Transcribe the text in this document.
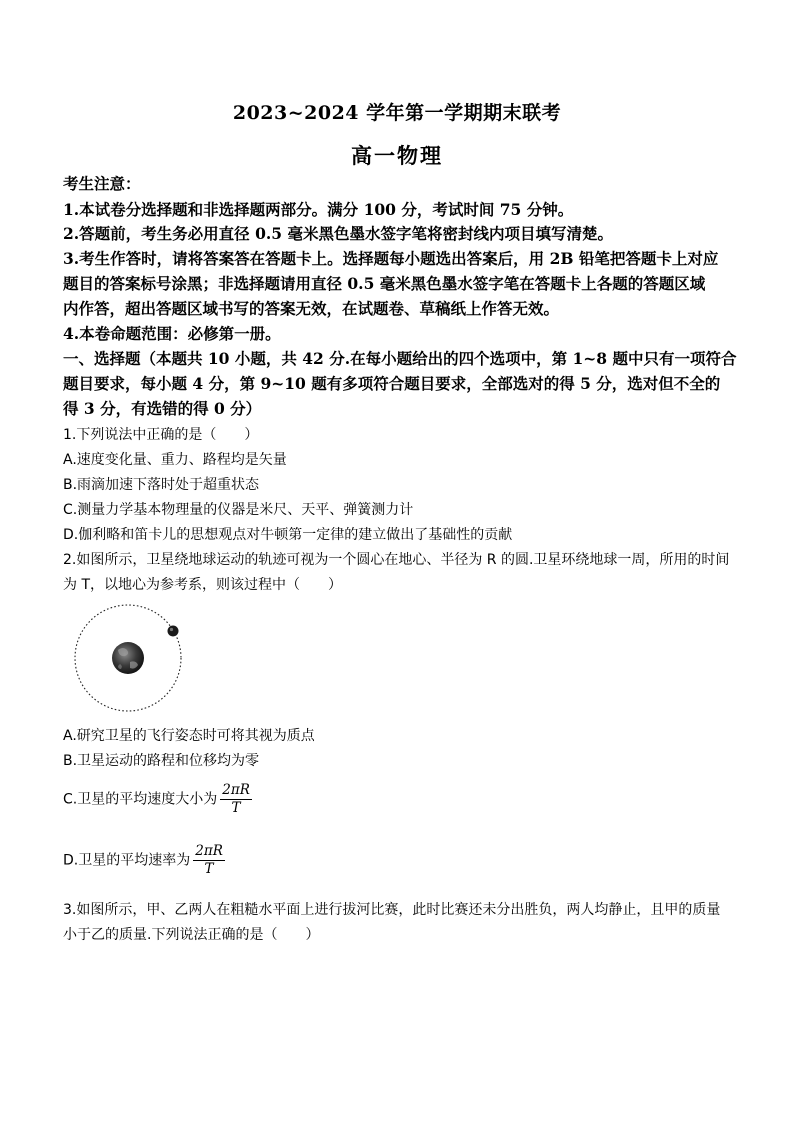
2023~2024 学年第一学期期末联考
高一物理
考生注意：
1.本试卷分选择题和非选择题两部分。满分 100 分，考试时间 75 分钟。
2.答题前，考生务必用直径 0.5 毫米黑色墨水签字笔将密封线内项目填写清楚。
3.考生作答时，请将答案答在答题卡上。选择题每小题选出答案后，用 2B 铅笔把答题卡上对应
题目的答案标号涂黑；非选择题请用直径 0.5 毫米黑色墨水签字笔在答题卡上各题的答题区域
内作答，超出答题区域书写的答案无效，在试题卷、草稿纸上作答无效。
4.本卷命题范围：必修第一册。
一、选择题（本题共 10 小题，共 42 分.在每小题给出的四个选项中，第 1~8 题中只有一项符合
题目要求，每小题 4 分，第 9~10 题有多项符合题目要求，全部选对的得 5 分，选对但不全的
得 3 分，有选错的得 0 分）
1.下列说法中正确的是（　　）
A.速度变化量、重力、路程均是矢量
B.雨滴加速下落时处于超重状态
C.测量力学基本物理量的仪器是米尺、天平、弹簧测力计
D.伽利略和笛卡儿的思想观点对牛顿第一定律的建立做出了基础性的贡献
2.如图所示，卫星绕地球运动的轨迹可视为一个圆心在地心、半径为 R 的圆.卫星环绕地球一周，所用的时间
为 T，以地心为参考系，则该过程中（　　）
A.研究卫星的飞行姿态时可将其视为质点
B.卫星运动的路程和位移均为零
C.卫星的平均速度大小为 $\frac{2\pi R}{T}$
D.卫星的平均速率为 $\frac{2\pi R}{T}$
3.如图所示，甲、乙两人在粗糙水平面上进行拔河比赛，此时比赛还未分出胜负，两人均静止，且甲的质量
小于乙的质量.下列说法正确的是（　　）
